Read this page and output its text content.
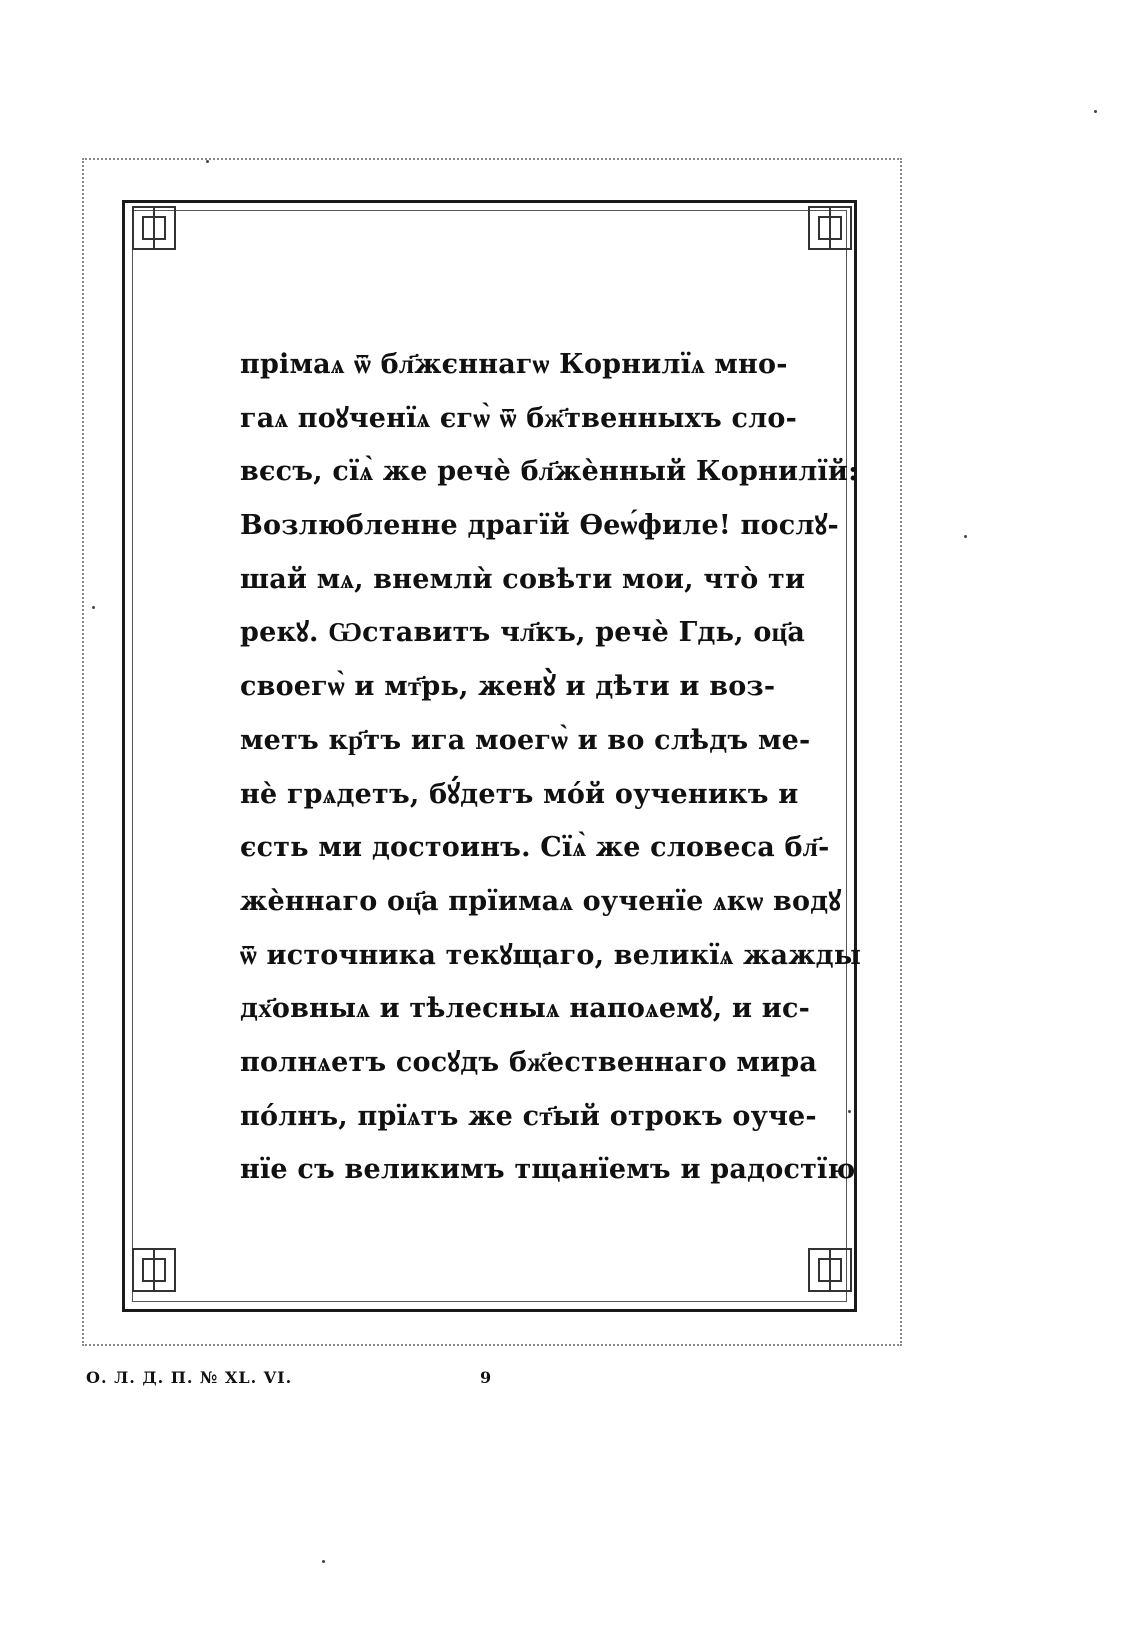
прімаѧ ѿ бл҃жєннагѡ Корнилїѧ мно-
гаѧ поꙋченїѧ єгѡ̀ ѿ бж҃твенныхъ сло-
вєсъ, сїѧ̀ же речѐ бл҃жѐнный Корнилїй:
Возлюбленне драгїй Ѳеѡ́филе! послꙋ-
шай мѧ, внемлѝ совѣти мои, что̀ ти
рекꙋ. Ѡставитъ чл҃къ, речѐ Гдь, оц҃а
своегѡ̀ и мт҃рь, женꙋ̀ и дѣти и воз-
метъ кр҃тъ ига моегѡ̀ и во слѣдъ ме-
нѐ грѧдетъ, бꙋ́детъ мо́й оученикъ и
єсть ми достоинъ. Сїѧ̀ же словеса бл҃-
жѐннаго оц҃а прїимаѧ оученїе ѧкѡ водꙋ
ѿ источника текꙋщаго, великїѧ жажды
дх҃овныѧ и тѣлесныѧ напоѧемꙋ, и ис-
полнѧетъ сосꙋдъ бж҃ественнаго мира
по́лнъ, прїѧтъ же ст҃ый отрокъ оуче-
нїе съ великимъ тщанїемъ и радостїю
О. Л. Д. П. № XL. VI.	9
